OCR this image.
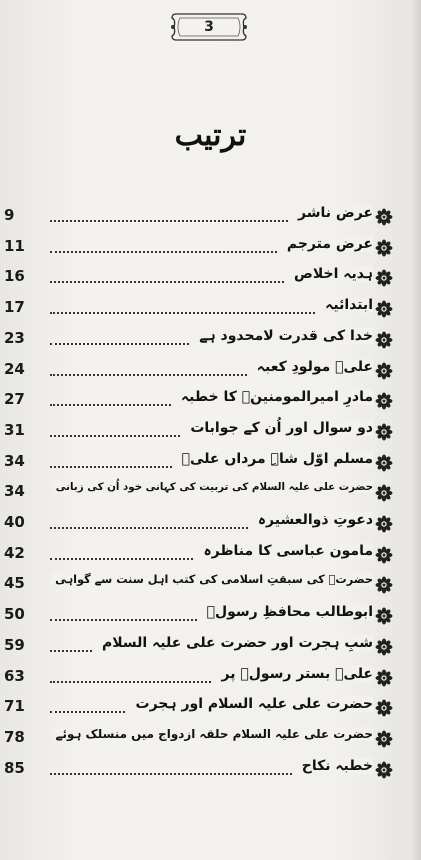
3
ترتیب
9	عرض ناشر
11	عرض مترجم
16	ہدیہ اخلاص
17	ابتدائیہ
23	خدا کی قدرت لامحدود ہے
24	علیؑ مولودِ کعبہ
27	مادرِ امیرالمومنینؑ کا خطبہ
31	دو سوال اور اُن کے جوابات
34	مسلم اوّل شاہِ مرداں علیؑ
34	حضرت علی علیہ السلام کی تربیت کی کہانی خود اُن کی زبانی
40	دعوتِ ذوالعشیرہ
42	مامون عباسی کا مناظرہ
45	حضرتؑ کی سبقتِ اسلامی کی کتب اہل سنت سے گواہی
50	ابوطالب محافظِ رسولؐ
59	شبِ ہجرت اور حضرت علی علیہ السلام
63	علیؑ بستر رسولؐ پر
71	حضرت علی علیہ السلام اور ہجرت
78	حضرت علی علیہ السلام حلقہ ازدواج میں منسلک ہوئے
85	خطبہ نکاح
